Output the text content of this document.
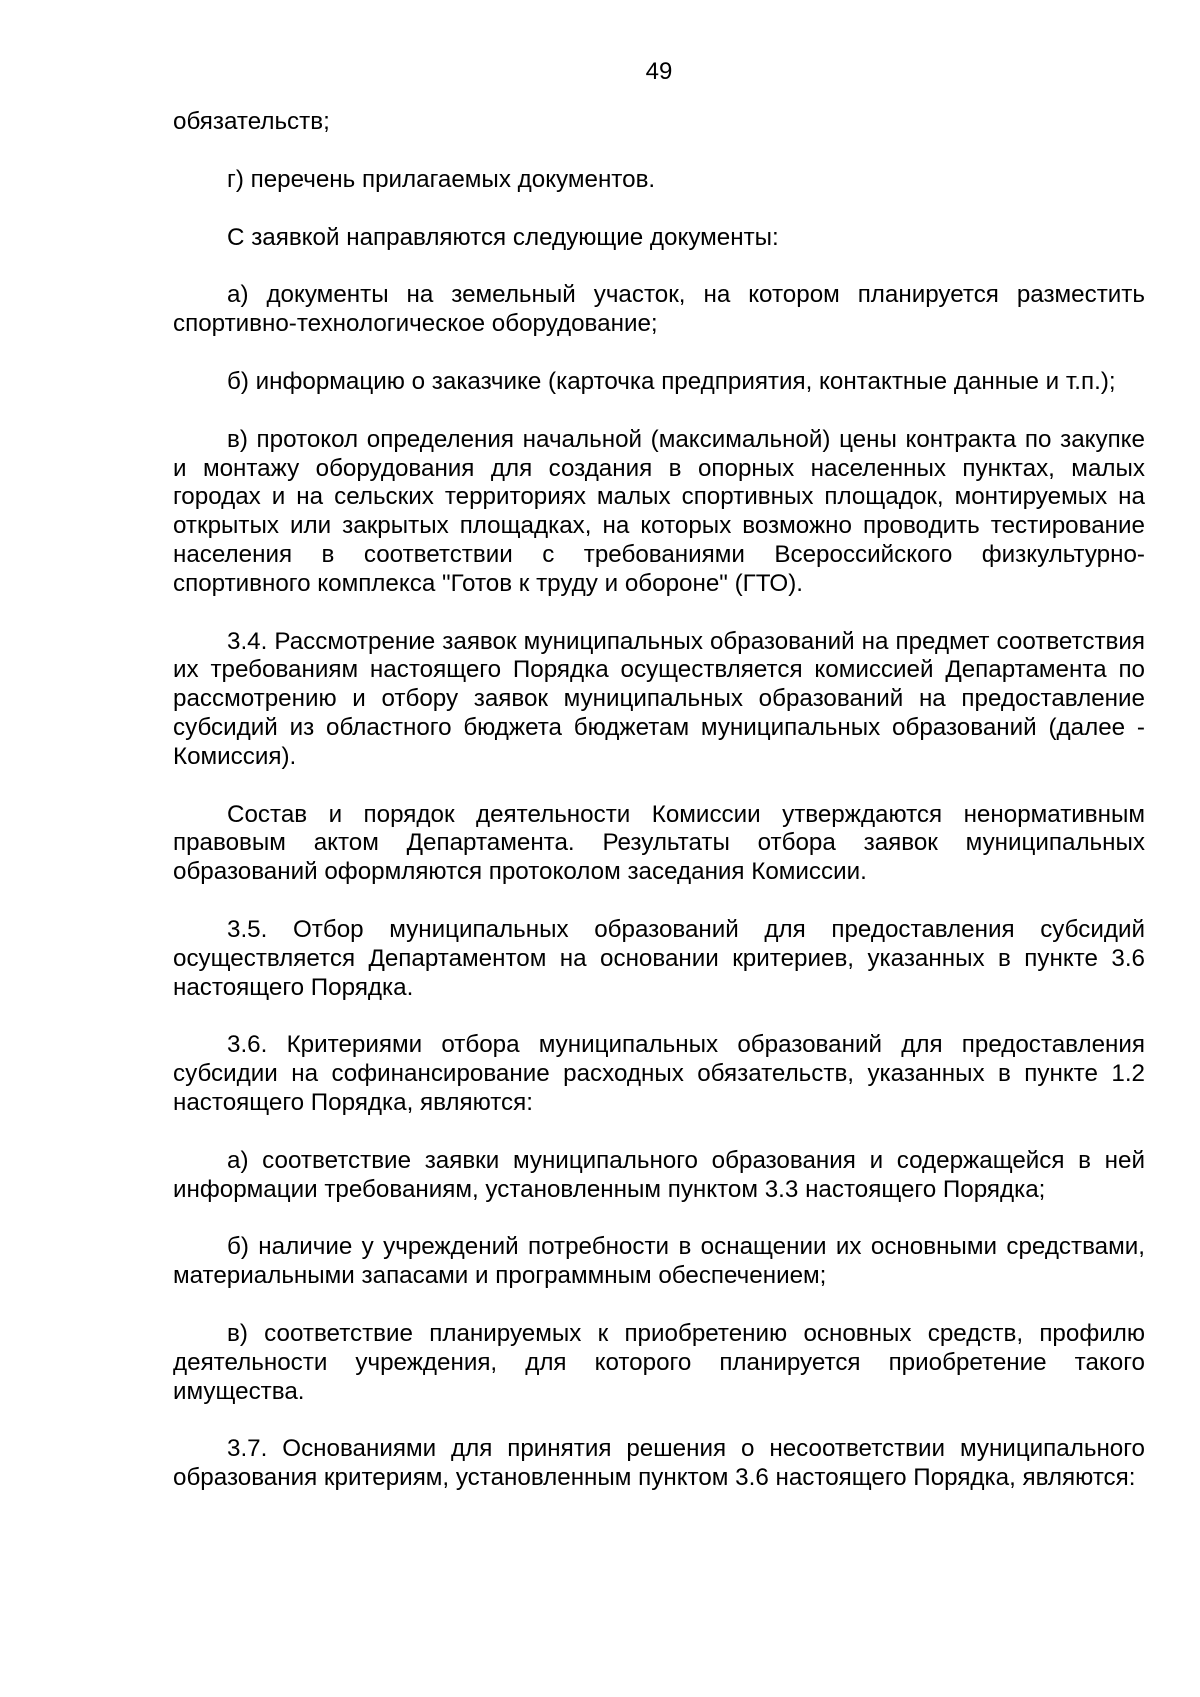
49

обязательств;

г) перечень прилагаемых документов.

С заявкой направляются следующие документы:

а) документы на земельный участок, на котором планируется разместить спортивно-технологическое оборудование;

б) информацию о заказчике (карточка предприятия, контактные данные и т.п.);

в) протокол определения начальной (максимальной) цены контракта по закупке и монтажу оборудования для создания в опорных населенных пунктах, малых городах и на сельских территориях малых спортивных площадок, монтируемых на открытых или закрытых площадках, на которых возможно проводить тестирование населения в соответствии с требованиями Всероссийского физкультурно-спортивного комплекса "Готов к труду и обороне" (ГТО).

3.4. Рассмотрение заявок муниципальных образований на предмет соответствия их требованиям настоящего Порядка осуществляется комиссией Департамента по рассмотрению и отбору заявок муниципальных образований на предоставление субсидий из областного бюджета бюджетам муниципальных образований (далее - Комиссия).

Состав и порядок деятельности Комиссии утверждаются ненормативным правовым актом Департамента. Результаты отбора заявок муниципальных образований оформляются протоколом заседания Комиссии.

3.5. Отбор муниципальных образований для предоставления субсидий осуществляется Департаментом на основании критериев, указанных в пункте 3.6 настоящего Порядка.

3.6. Критериями отбора муниципальных образований для предоставления субсидии на софинансирование расходных обязательств, указанных в пункте 1.2 настоящего Порядка, являются:

а) соответствие заявки муниципального образования и содержащейся в ней информации требованиям, установленным пунктом 3.3 настоящего Порядка;

б) наличие у учреждений потребности в оснащении их основными средствами, материальными запасами и программным обеспечением;

в) соответствие планируемых к приобретению основных средств, профилю деятельности учреждения, для которого планируется приобретение такого имущества.

3.7. Основаниями для принятия решения о несоответствии муниципального образования критериям, установленным пунктом 3.6 настоящего Порядка, являются:
